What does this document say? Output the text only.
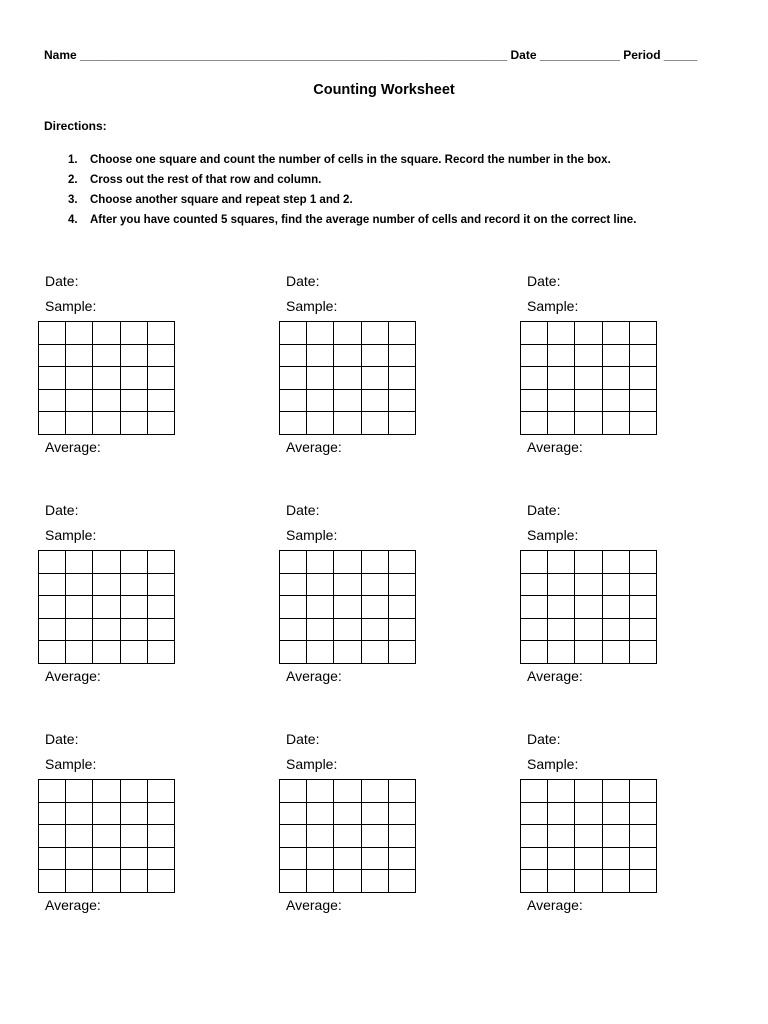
Name ________________________________________________________________ Date ____________ Period _____
Counting Worksheet
Directions:
1.	Choose one square and count the number of cells in the square. Record the number in the box.
2.	Cross out the rest of that row and column.
3.	Choose another square and repeat step 1 and 2.
4.	After you have counted 5 squares, find the average number of cells and record it on the correct line.
Date:
Sample:
Average:
Date:
Sample:
Average:
Date:
Sample:
Average:
Date:
Sample:
Average:
Date:
Sample:
Average:
Date:
Sample:
Average:
Date:
Sample:
Average:
Date:
Sample:
Average:
Date:
Sample:
Average:
